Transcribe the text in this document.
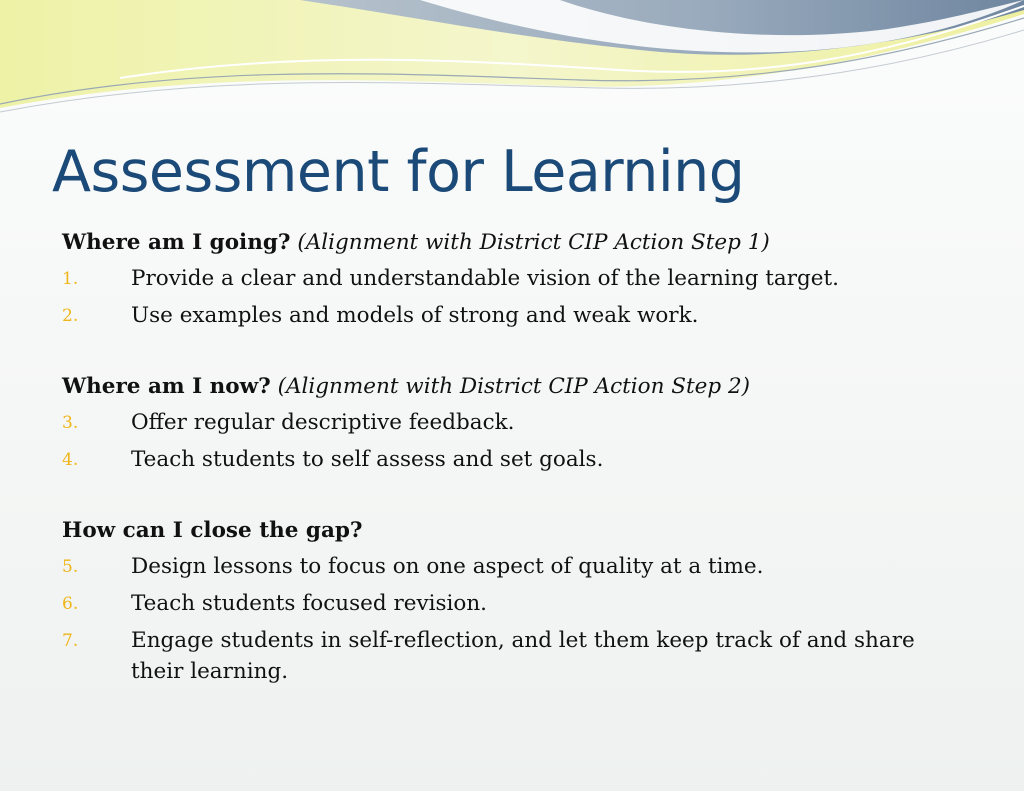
Assessment for Learning

Where am I going? (Alignment with District CIP Action Step 1)

1.	Provide a clear and understandable vision of the learning target.
2.	Use examples and models of strong and weak work.

Where am I now? (Alignment with District CIP Action Step 2)

3.	Offer regular descriptive feedback.
4.	Teach students to self assess and set goals.

How can I close the gap?

5.	Design lessons to focus on one aspect of quality at a time.
6.	Teach students focused revision.
7.	Engage students in self-reflection, and let them keep track of and share their learning.
